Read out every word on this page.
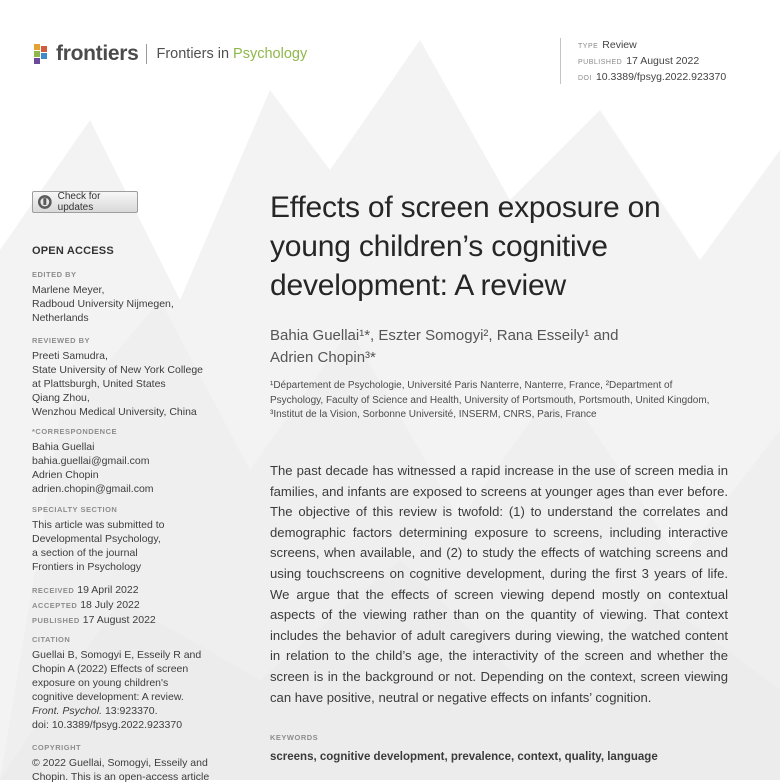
frontiers Frontiers in Psychology	TYPE Review
PUBLISHED 17 August 2022
DOI 10.3389/fpsyg.2022.923370
Check for updates
OPEN ACCESS
EDITED BY
Marlene Meyer,
Radboud University Nijmegen,
Netherlands
REVIEWED BY
Preeti Samudra,
State University of New York College
at Plattsburgh, United States
Qiang Zhou,
Wenzhou Medical University, China
*CORRESPONDENCE
Bahia Guellai
bahia.guellai@gmail.com
Adrien Chopin
adrien.chopin@gmail.com
SPECIALTY SECTION
This article was submitted to
Developmental Psychology,
a section of the journal
Frontiers in Psychology
RECEIVED 19 April 2022
ACCEPTED 18 July 2022
PUBLISHED 17 August 2022
CITATION
Guellai B, Somogyi E, Esseily R and
Chopin A (2022) Effects of screen
exposure on young children's
cognitive development: A review.
Front. Psychol. 13:923370.
doi: 10.3389/fpsyg.2022.923370
COPYRIGHT
© 2022 Guellai, Somogyi, Esseily and
Chopin. This is an open-access article
Effects of screen exposure on
young children’s cognitive
development: A review
Bahia Guellai¹*, Eszter Somogyi², Rana Esseily¹ and
Adrien Chopin³*
¹Département de Psychologie, Université Paris Nanterre, Nanterre, France, ²Department of
Psychology, Faculty of Science and Health, University of Portsmouth, Portsmouth, United Kingdom,
³Institut de la Vision, Sorbonne Université, INSERM, CNRS, Paris, France

The past decade has witnessed a rapid increase in the use of screen media in families, and infants are exposed to screens at younger ages than ever before. The objective of this review is twofold: (1) to understand the correlates and demographic factors determining exposure to screens, including interactive screens, when available, and (2) to study the effects of watching screens and using touchscreens on cognitive development, during the first 3 years of life. We argue that the effects of screen viewing depend mostly on contextual aspects of the viewing rather than on the quantity of viewing. That context includes the behavior of adult caregivers during viewing, the watched content in relation to the child’s age, the interactivity of the screen and whether the screen is in the background or not. Depending on the context, screen viewing can have positive, neutral or negative effects on infants’ cognition.

KEYWORDS
screens, cognitive development, prevalence, context, quality, language
